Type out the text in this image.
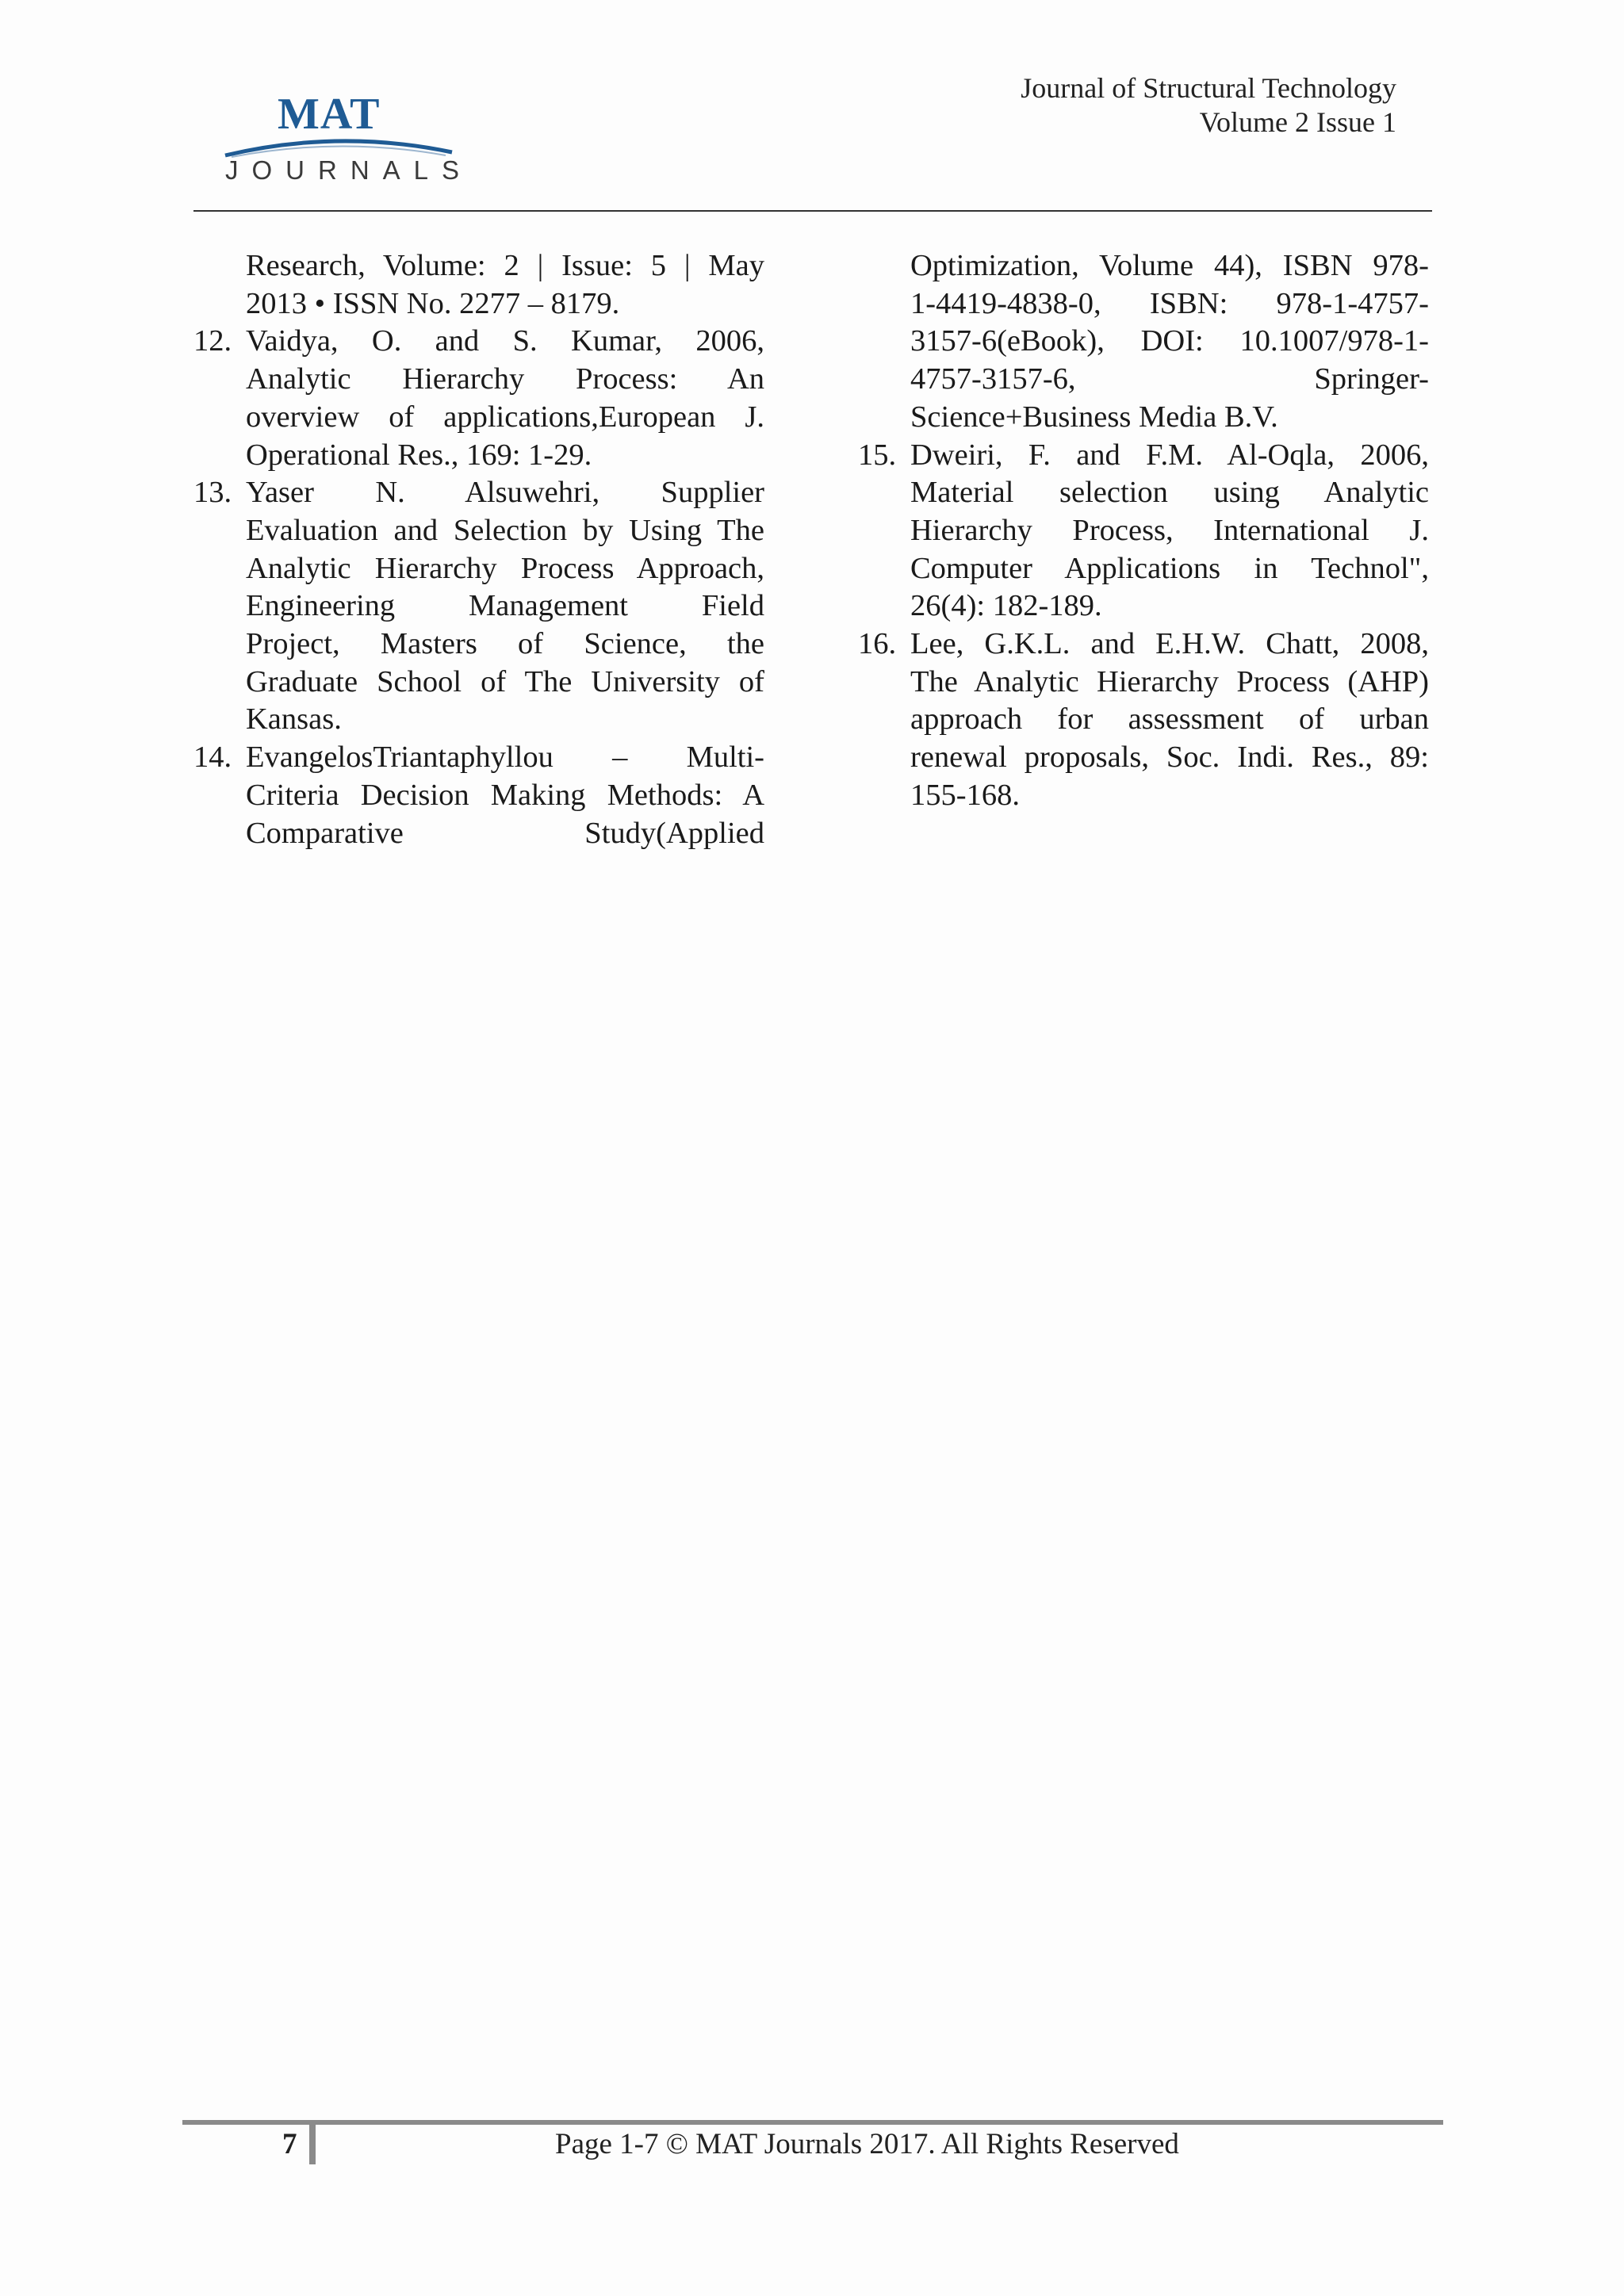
MAT
JOURNALS
Journal of Structural Technology
Volume 2 Issue 1
Research, Volume: 2 | Issue: 5 | May
2013 • ISSN No. 2277 – 8179.
12. Vaidya, O. and S. Kumar, 2006,
Analytic Hierarchy Process: An
overview of applications,European J.
Operational Res., 169: 1-29.
13. Yaser N. Alsuwehri, Supplier
Evaluation and Selection by Using The
Analytic Hierarchy Process Approach,
Engineering Management Field
Project, Masters of Science, the
Graduate School of The University of
Kansas.
14. EvangelosTriantaphyllou – Multi-
Criteria Decision Making Methods: A
Comparative Study(Applied
Optimization, Volume 44), ISBN 978-
1-4419-4838-0, ISBN: 978-1-4757-
3157-6(eBook), DOI: 10.1007/978-1-
4757-3157-6, Springer-
Science+Business Media B.V.
15. Dweiri, F. and F.M. Al-Oqla, 2006,
Material selection using Analytic
Hierarchy Process, International J.
Computer Applications in Technol",
26(4): 182-189.
16. Lee, G.K.L. and E.H.W. Chatt, 2008,
The Analytic Hierarchy Process (AHP)
approach for assessment of urban
renewal proposals, Soc. Indi. Res., 89:
155-168.
7	Page 1-7 © MAT Journals 2017. All Rights Reserved
